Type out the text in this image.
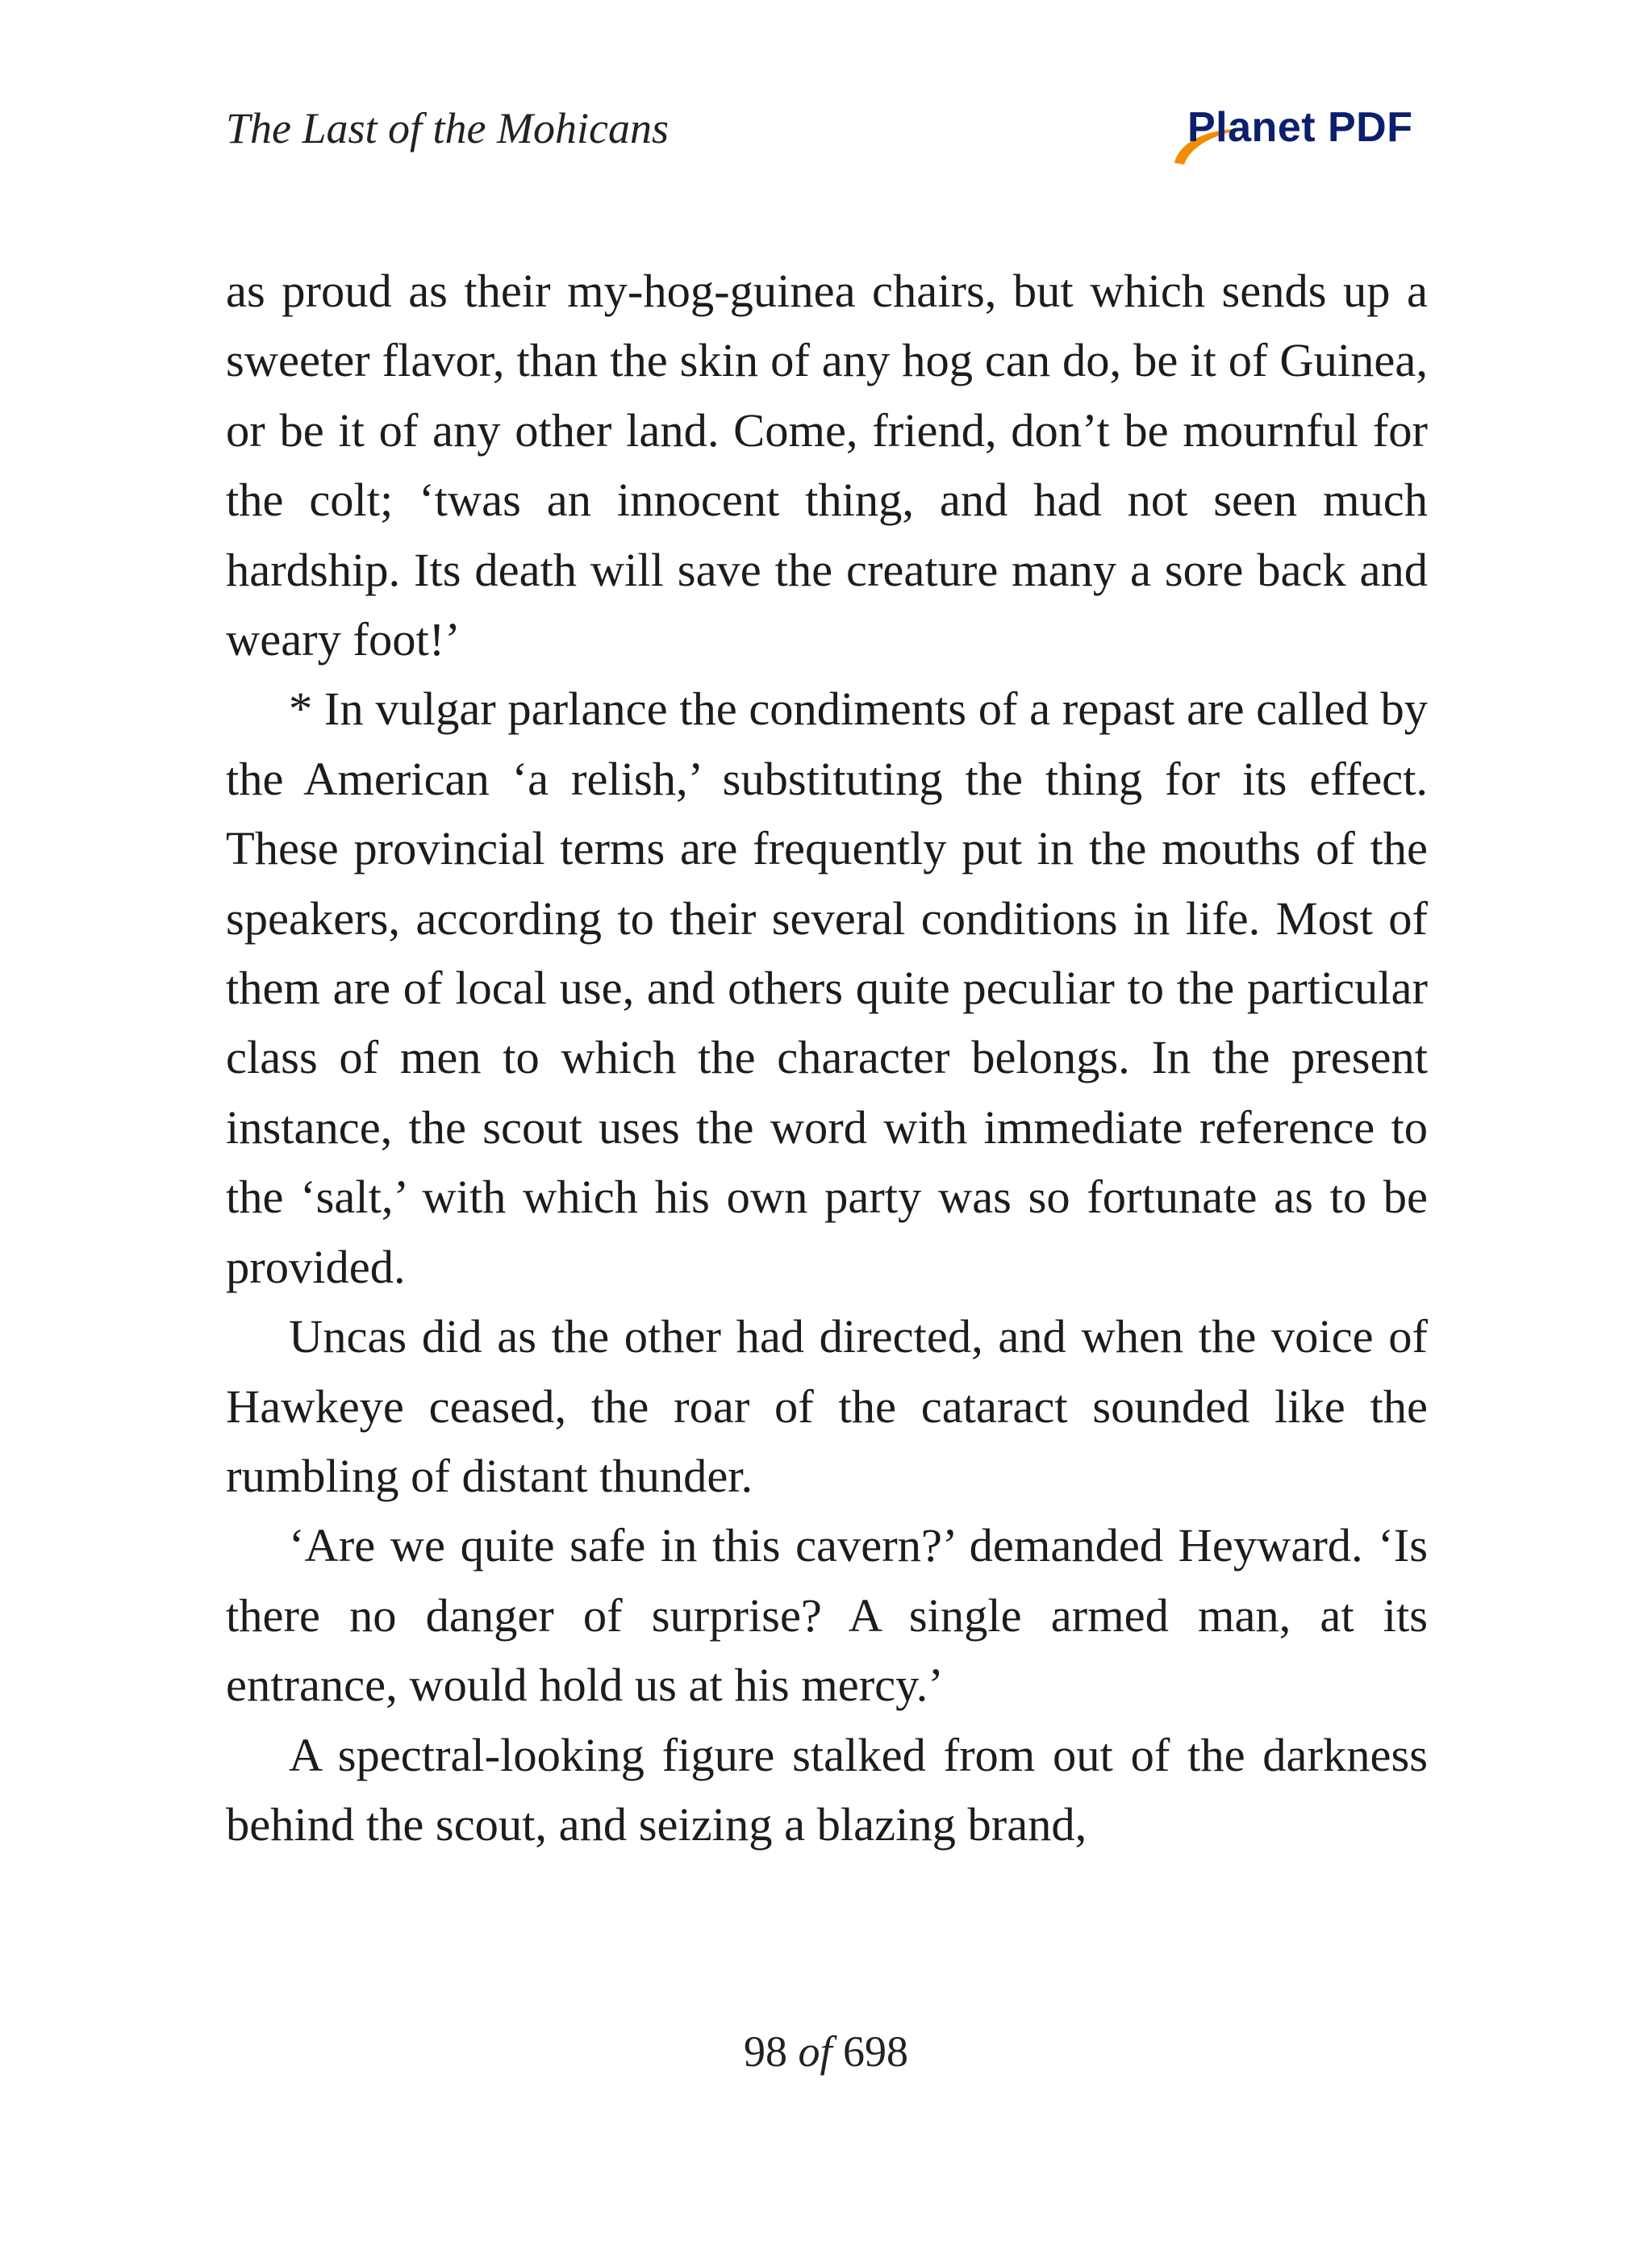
The Last of the Mohicans	Planet PDF

as proud as their my-hog-guinea chairs, but which sends up a sweeter flavor, than the skin of any hog can do, be it of Guinea, or be it of any other land. Come, friend, don’t be mournful for the colt; ‘twas an innocent thing, and had not seen much hardship. Its death will save the creature many a sore back and weary foot!’

* In vulgar parlance the condiments of a repast are called by the American ‘a relish,’ substituting the thing for its effect. These provincial terms are frequently put in the mouths of the speakers, according to their several conditions in life. Most of them are of local use, and others quite peculiar to the particular class of men to which the character belongs. In the present instance, the scout uses the word with immediate reference to the ‘salt,’ with which his own party was so fortunate as to be provided.

Uncas did as the other had directed, and when the voice of Hawkeye ceased, the roar of the cataract sounded like the rumbling of distant thunder.

‘Are we quite safe in this cavern?’ demanded Heyward. ‘Is there no danger of surprise? A single armed man, at its entrance, would hold us at his mercy.’

A spectral-looking figure stalked from out of the darkness behind the scout, and seizing a blazing brand,

98 of 698
